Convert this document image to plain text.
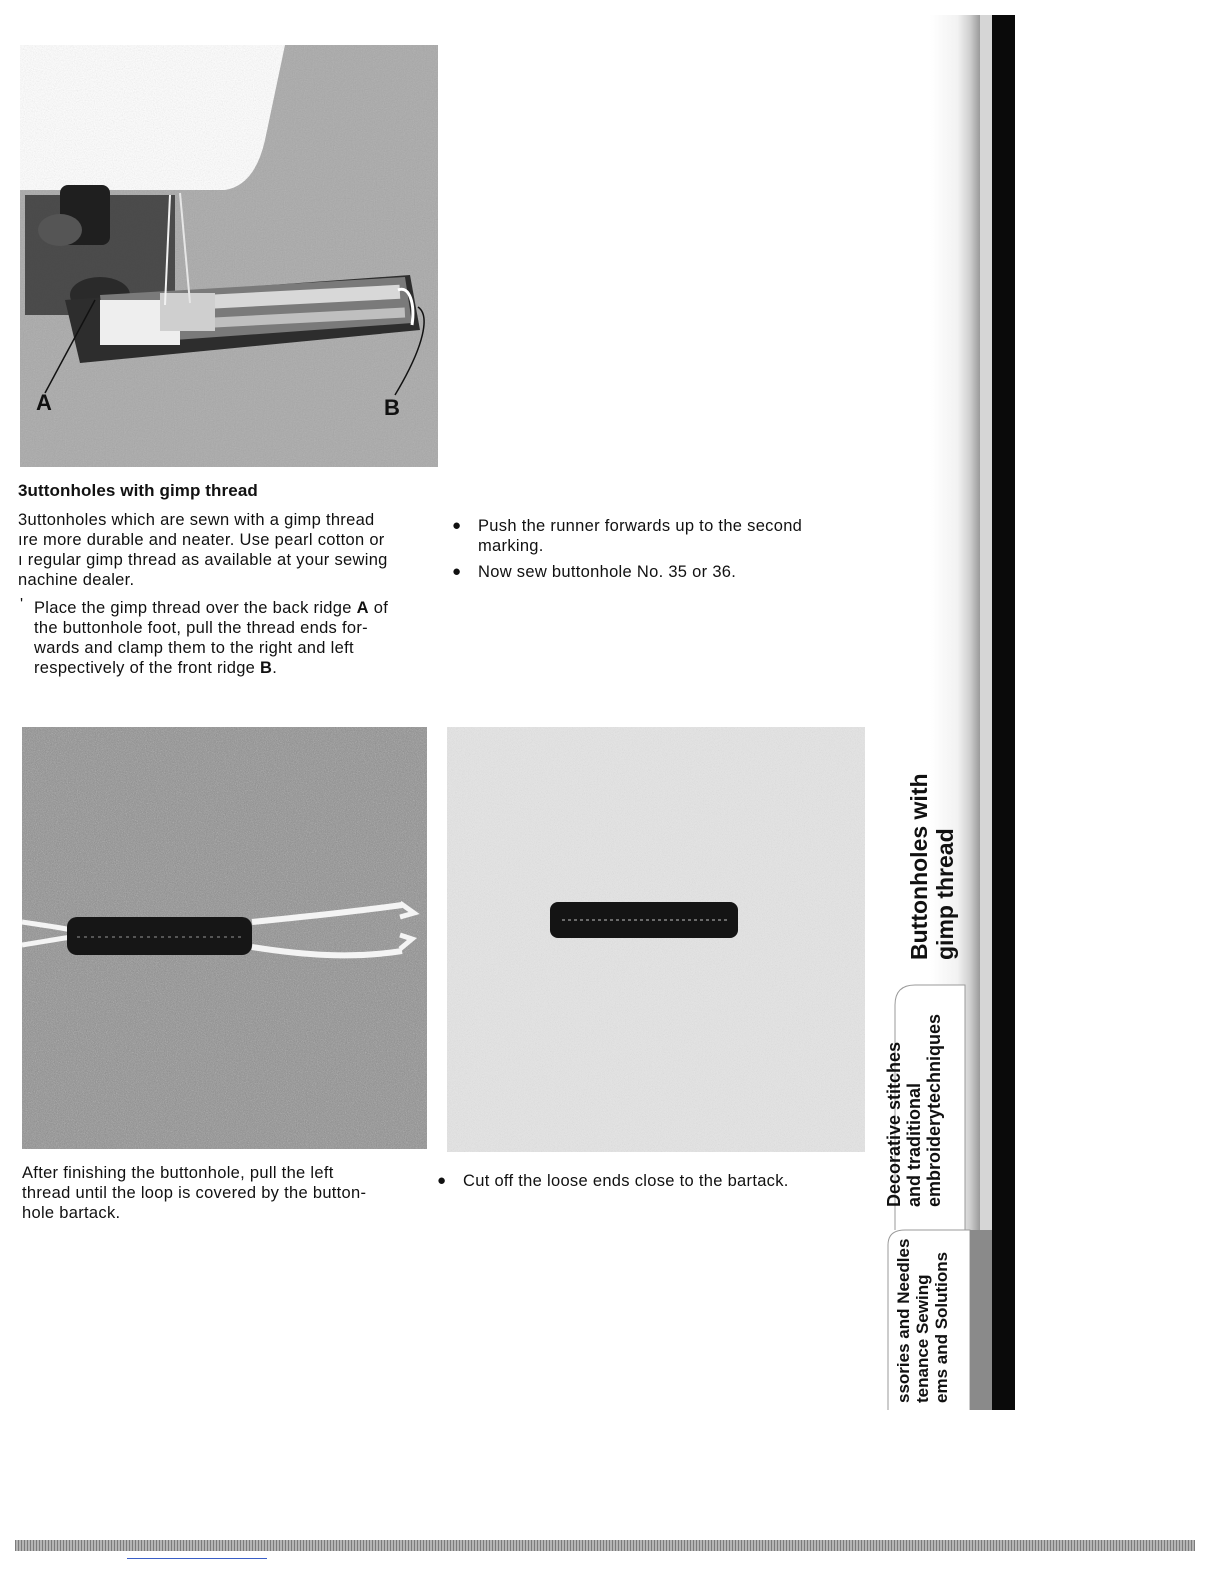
A	B
3uttonholes with gimp thread
3uttonholes which are sewn with a gimp thread
ıre more durable and neater. Use pearl cotton or
ı regular gimp thread as available at your sewing
nachine dealer.
' Place the gimp thread over the back ridge A of
the buttonhole foot, pull the thread ends for-
wards and clamp them to the right and left
respectively of the front ridge B.
● Push the runner forwards up to the second
marking.
● Now sew buttonhole No. 35 or 36.
After finishing the buttonhole, pull the left
thread until the loop is covered by the button-
hole bartack.
● Cut off the loose ends close to the bartack.
Buttonholes with gimp thread
Decorative stitches and traditional embroiderytechniques
ssories and Needles tenance Sewing ems and Solutions
